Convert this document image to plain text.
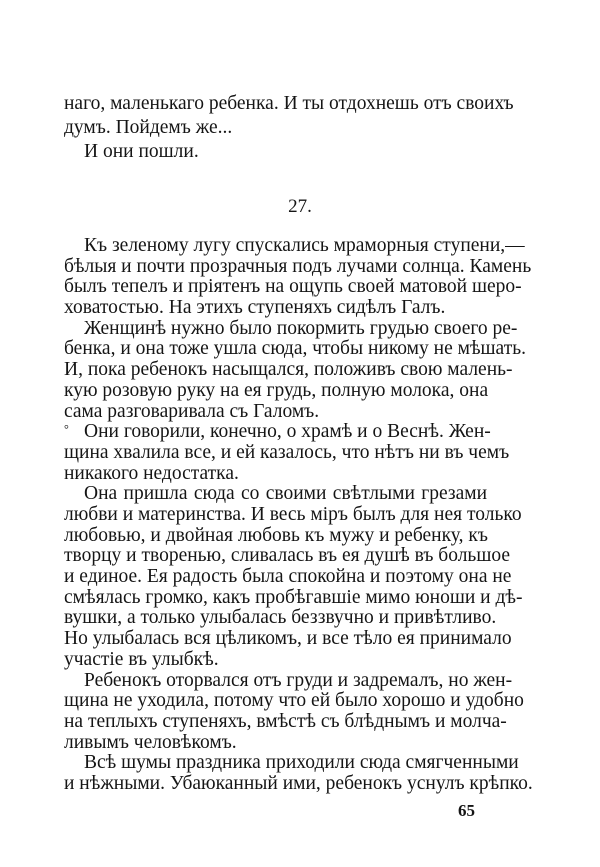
нaго, маленькаго ребенка. И ты отдохнешь отъ своихъ
думъ. Пойдемъ же...
И они пошли.
27.
Къ зеленому лугу спускались мраморныя ступени,—
бѣлыя и почти прозрачныя подъ лучами солнца. Камень
былъ тепелъ и пріятенъ на ощупь своей матовой шеро-
ховатостью. На этихъ ступеняхъ сидѣлъ Галъ.
Женщинѣ нужно было покормить грудью своего ре-
бенка, и она тоже ушла сюда, чтобы никому не мѣшать.
И, пока ребенокъ насыщался, положивъ свою малень-
кую розовую руку на ея грудь, полную молока, она
сама разговаривала съ Галомъ.
° Они говорили, конечно, о храмѣ и о Веснѣ. Жен-
щина хвалила все, и ей казалось, что нѣтъ ни въ чемъ
никакого недостатка.
Она пришла сюда со своими свѣтлыми грезами
любви и материнства. И весь міръ былъ для нея только
любовью, и двойная любовь къ мужу и ребенку, къ
творцу и творенью, сливалась въ ея душѣ въ большое
и единое. Ея радость была спокойна и поэтому она не
смѣялась громко, какъ пробѣгавшіе мимо юноши и дѣ-
вушки, а только улыбалась беззвучно и привѣтливо.
Но улыбалась вся цѣликомъ, и все тѣло ея принимало
участіе въ улыбкѣ.
Ребенокъ оторвался отъ груди и задремалъ, но жен-
щина не уходила, потому что ей было хорошо и удобно
на теплыхъ ступеняхъ, вмѣстѣ съ блѣднымъ и молча-
ливымъ человѣкомъ.
Всѣ шумы праздника приходили сюда смягченными
и нѣжными. Убаюканный ими, ребенокъ уснулъ крѣпко.
65
